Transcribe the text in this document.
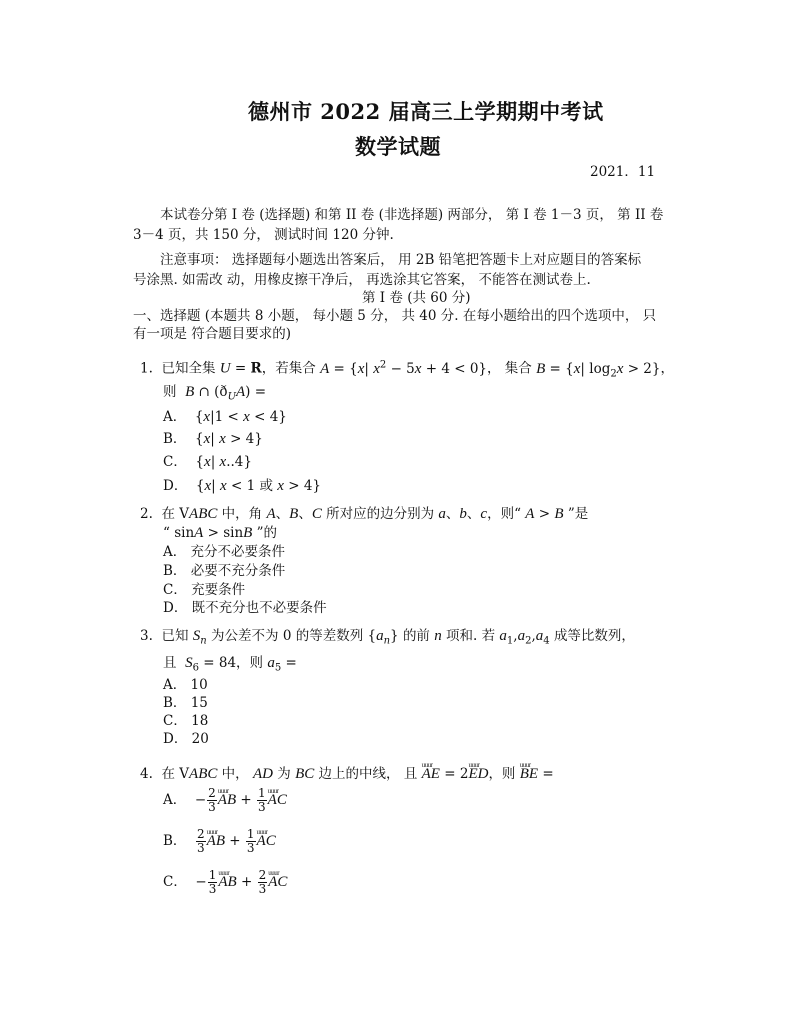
德州市 2022 届高三上学期期中考试
数学试题
2021．11
本试卷分第 I 卷 (选择题) 和第 II 卷 (非选择题) 两部分， 第 I 卷 1－3 页， 第 II 卷
3－4 页，共 150 分， 测试时间 120 分钟.
注意事项： 选择题每小题选出答案后， 用 2B 铅笔把答题卡上对应题目的答案标
号涂黑. 如需改 动，用橡皮擦干净后， 再选涂其它答案， 不能答在测试卷上.
第 I 卷 (共 60 分)
一、选择题 (本题共 8 小题， 每小题 5 分， 共 40 分. 在每小题给出的四个选项中， 只
有一项是 符合题目要求的)
1. 已知全集 U = R，若集合 A = {x| $x^2 - 5x + 4 < 0$}， 集合 B = {x| $\log_2x > 2$}，
则 B ∩ $(ð_UA)$ =
A．  {x|1 < x < 4}
B．  {x| x > 4}
C．  {x| x..4}
D．  {x| x < 1 或 x > 4}
2. 在 VABC 中，角 A、B、C 所对应的边分别为 a、b、c，则“ A > B ”是
“ sinA > sinB ”的
A． 充分不必要条件
B． 必要不充分条件
C． 充要条件
D． 既不充分也不必要条件
3. 已知 $S_n$ 为公差不为 0 的等差数列 $\{a_n\}$ 的前 n 项和. 若 $a_1,a_2,a_4$ 成等比数列，
且 $S_6 = 84$，则 $a_5$ =
A． 10
B． 15
C． 18
D． 20
4. 在 VABC 中， AD 为 BC 边上的中线， 且 uuur AE = 2uuur ED，则 uuur BE =
A．  − $\frac{2}{3}$ uuur AB + $\frac{1}{3}$ uuur AC
B． $\frac{2}{3}$ uuur AB + $\frac{1}{3}$ uuur AC
C．  − $\frac{1}{3}$ uuur AB + $\frac{2}{3}$ uuur AC
